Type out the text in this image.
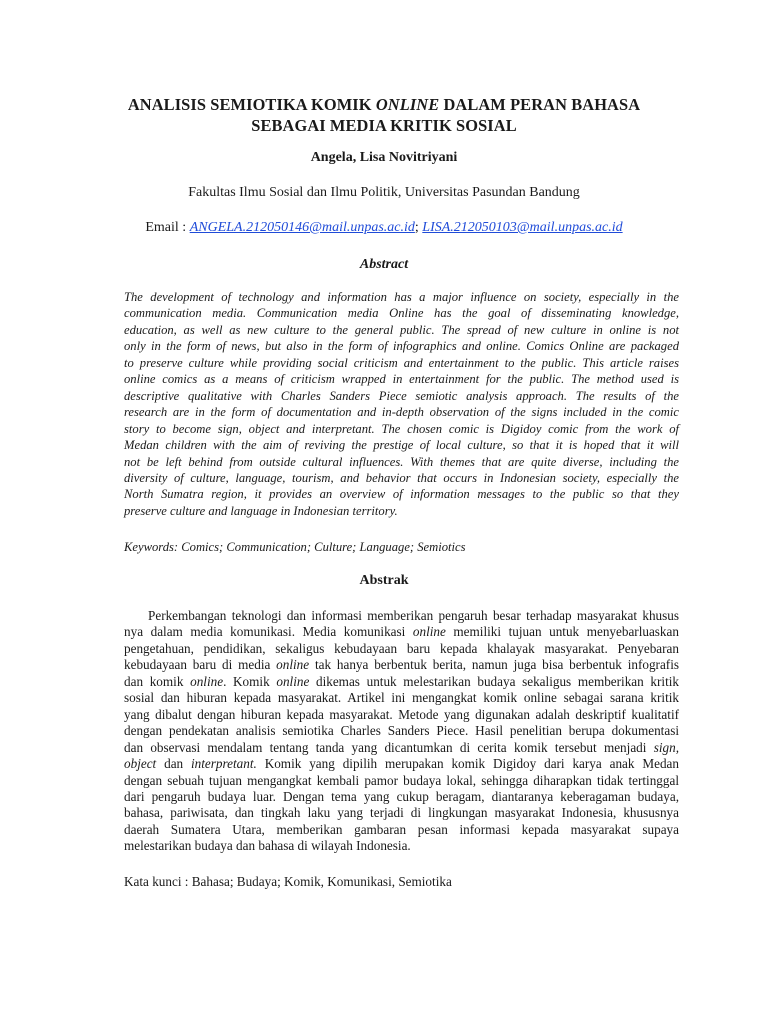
ANALISIS SEMIOTIKA KOMIK ONLINE DALAM PERAN BAHASA
SEBAGAI MEDIA KRITIK SOSIAL
Angela, Lisa Novitriyani
Fakultas Ilmu Sosial dan Ilmu Politik, Universitas Pasundan Bandung
Email : ANGELA.212050146@mail.unpas.ac.id; LISA.212050103@mail.unpas.ac.id
Abstract
The development of technology and information has a major influence on society, especially in the
communication media. Communication media Online has the goal of disseminating knowledge,
education, as well as new culture to the general public. The spread of new culture in online is not
only in the form of news, but also in the form of infographics and online. Comics Online are packaged
to preserve culture while providing social criticism and entertainment to the public. This article raises
online comics as a means of criticism wrapped in entertainment for the public. The method used is
descriptive qualitative with Charles Sanders Piece semiotic analysis approach. The results of the
research are in the form of documentation and in-depth observation of the signs included in the comic
story to become sign, object and interpretant. The chosen comic is Digidoy comic from the work of
Medan children with the aim of reviving the prestige of local culture, so that it is hoped that it will
not be left behind from outside cultural influences. With themes that are quite diverse, including the
diversity of culture, language, tourism, and behavior that occurs in Indonesian society, especially the
North Sumatra region, it provides an overview of information messages to the public so that they
preserve culture and language in Indonesian territory.
Keywords: Comics; Communication; Culture; Language; Semiotics
Abstrak
Perkembangan teknologi dan informasi memberikan pengaruh besar terhadap masyarakat khusus
nya dalam media komunikasi. Media komunikasi online memiliki tujuan untuk menyebarluaskan
pengetahuan, pendidikan, sekaligus kebudayaan baru kepada khalayak masyarakat. Penyebaran
kebudayaan baru di media online tak hanya berbentuk berita, namun juga bisa berbentuk infografis
dan komik online. Komik online dikemas untuk melestarikan budaya sekaligus memberikan kritik
sosial dan hiburan kepada masyarakat. Artikel ini mengangkat komik online sebagai sarana kritik
yang dibalut dengan hiburan kepada masyarakat. Metode yang digunakan adalah deskriptif kualitatif
dengan pendekatan analisis semiotika Charles Sanders Piece. Hasil penelitian berupa dokumentasi
dan observasi mendalam tentang tanda yang dicantumkan di cerita komik tersebut menjadi sign,
object dan interpretant. Komik yang dipilih merupakan komik Digidoy dari karya anak Medan
dengan sebuah tujuan mengangkat kembali pamor budaya lokal, sehingga diharapkan tidak tertinggal
dari pengaruh budaya luar. Dengan tema yang cukup beragam, diantaranya keberagaman budaya,
bahasa, pariwisata, dan tingkah laku yang terjadi di lingkungan masyarakat Indonesia, khususnya
daerah Sumatera Utara, memberikan gambaran pesan informasi kepada masyarakat supaya
melestarikan budaya dan bahasa di wilayah Indonesia.
Kata kunci : Bahasa; Budaya; Komik, Komunikasi, Semiotika
